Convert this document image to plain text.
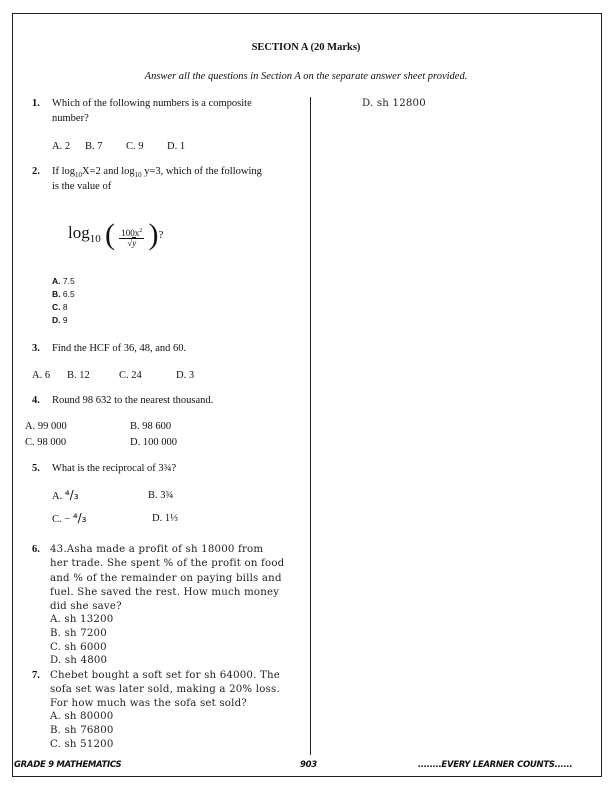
SECTION A (20 Marks)
Answer all the questions in Section A on the separate answer sheet provided.
1. Which of the following numbers is a composite
number?
A. 2 B. 7 C. 9 D. 1
2. If $\log_{10}X=2$ and $\log_{10} y=3$, which of the following
is the value of
$\log_{10}$ ( $\frac{100x^2}{√y}$ )?
A. 7.5
B. 6.5
C. 8
D. 9
3. Find the HCF of 36, 48, and 60.
A. 6 B. 12	C. 24	D. 3
4. Round 98 632 to the nearest thousand.
A. 99 000	B. 98 600
C. 98 000	D. 100 000
5. What is the reciprocal of 3¾?
A. ⁴/₃	B. 3¾
C. − ⁴/₃	D. 1⅓
6. 43.Asha made a profit of sh 18000 from
her trade. She spent % of the profit on food
and % of the remainder on paying bills and
fuel. She saved the rest. How much money
did she save?
A. sh 13200
B. sh 7200
C. sh 6000
D. sh 4800
7. Chebet bought a soft set for sh 64000. The
sofa set was later sold, making a 20% loss.
For how much was the sofa set sold?
A. sh 80000
B. sh 76800
C. sh 51200
D. sh 12800
GRADE 9 MATHEMATICS	903	........EVERY LEARNER COUNTS......
